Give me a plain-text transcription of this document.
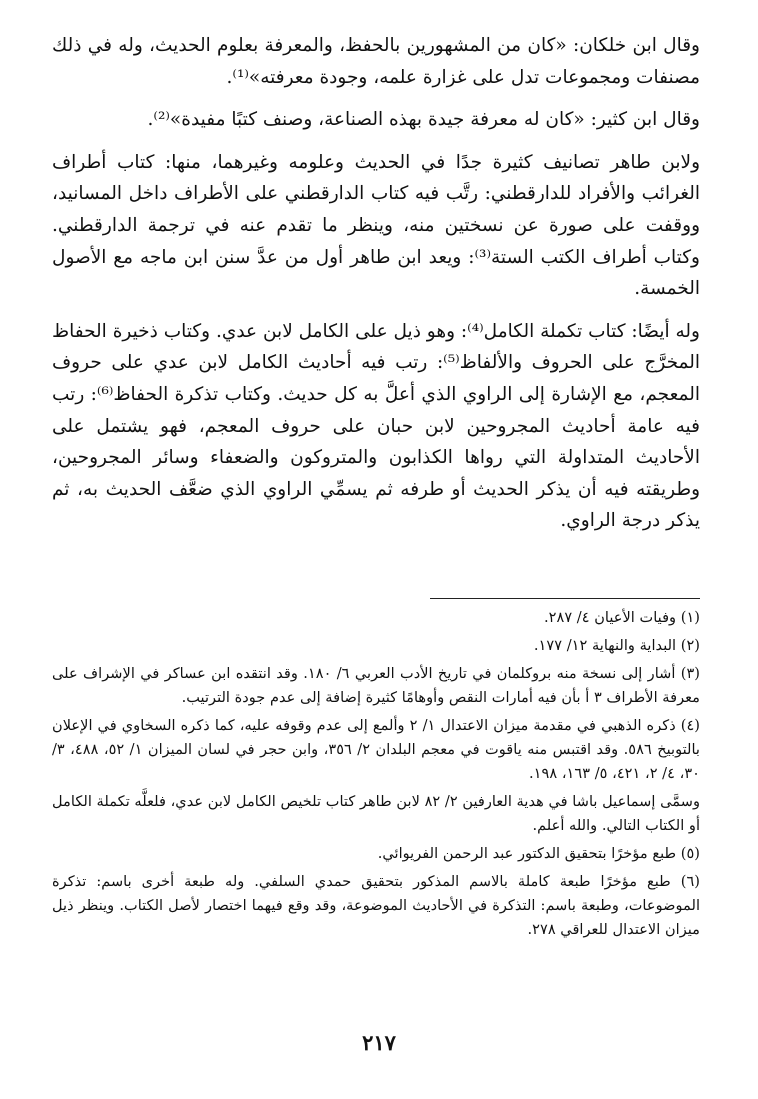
وقال ابن خلكان: «كان من المشهورين بالحفظ، والمعرفة بعلوم الحديث، وله في ذلك مصنفات ومجموعات تدل على غزارة علمه، وجودة معرفته»⁽¹⁾.

وقال ابن كثير: «كان له معرفة جيدة بهذه الصناعة، وصنف كتبًا مفيدة»⁽²⁾.

ولابن طاهر تصانيف كثيرة جدًا في الحديث وعلومه وغيرهما، منها: كتاب أطراف الغرائب والأفراد للدارقطني: رتَّب فيه كتاب الدارقطني على الأطراف داخل المسانيد، ووقفت على صورة عن نسختين منه، وينظر ما تقدم عنه في ترجمة الدارقطني. وكتاب أطراف الكتب الستة⁽³⁾: ويعد ابن طاهر أول من عدَّ سنن ابن ماجه مع الأصول الخمسة.

وله أيضًا: كتاب تكملة الكامل⁽⁴⁾: وهو ذيل على الكامل لابن عدي. وكتاب ذخيرة الحفاظ المخرَّج على الحروف والألفاظ⁽⁵⁾: رتب فيه أحاديث الكامل لابن عدي على حروف المعجم، مع الإشارة إلى الراوي الذي أعلَّ به كل حديث. وكتاب تذكرة الحفاظ⁽⁶⁾: رتب فيه عامة أحاديث المجروحين لابن حبان على حروف المعجم، فهو يشتمل على الأحاديث المتداولة التي رواها الكذابون والمتروكون والضعفاء وسائر المجروحين، وطريقته فيه أن يذكر الحديث أو طرفه ثم يسمِّي الراوي الذي ضعَّف الحديث به، ثم يذكر درجة الراوي.

(١) وفيات الأعيان ٤/ ٢٨٧.

(٢) البداية والنهاية ١٢/ ١٧٧.

(٣) أشار إلى نسخة منه بروكلمان في تاريخ الأدب العربي ٦/ ١٨٠. وقد انتقده ابن عساكر في الإشراف على معرفة الأطراف ٣ أ بأن فيه أمارات النقص وأوهامًا كثيرة إضافة إلى عدم جودة الترتيب.

(٤) ذكره الذهبي في مقدمة ميزان الاعتدال ١/ ٢ وألمع إلى عدم وقوفه عليه، كما ذكره السخاوي في الإعلان بالتوبيخ ٥٨٦. وقد اقتبس منه ياقوت في معجم البلدان ٢/ ٣٥٦، وابن حجر في لسان الميزان ١/ ٥٢، ٤٨٨، ٣/ ٣٠، ٤/ ٢، ٤٢١، ٥/ ١٦٣، ١٩٨.

وسمَّى إسماعيل باشا في هدية العارفين ٢/ ٨٢ لابن طاهر كتاب تلخيص الكامل لابن عدي، فلعلَّه تكملة الكامل أو الكتاب التالي. والله أعلم.

(٥) طبع مؤخرًا بتحقيق الدكتور عبد الرحمن الفريوائي.

(٦) طبع مؤخرًا طبعة كاملة بالاسم المذكور بتحقيق حمدي السلفي. وله طبعة أخرى باسم: تذكرة الموضوعات، وطبعة باسم: التذكرة في الأحاديث الموضوعة، وقد وقع فيهما اختصار لأصل الكتاب. وينظر ذيل ميزان الاعتدال للعراقي ٢٧٨.

٢١٧
